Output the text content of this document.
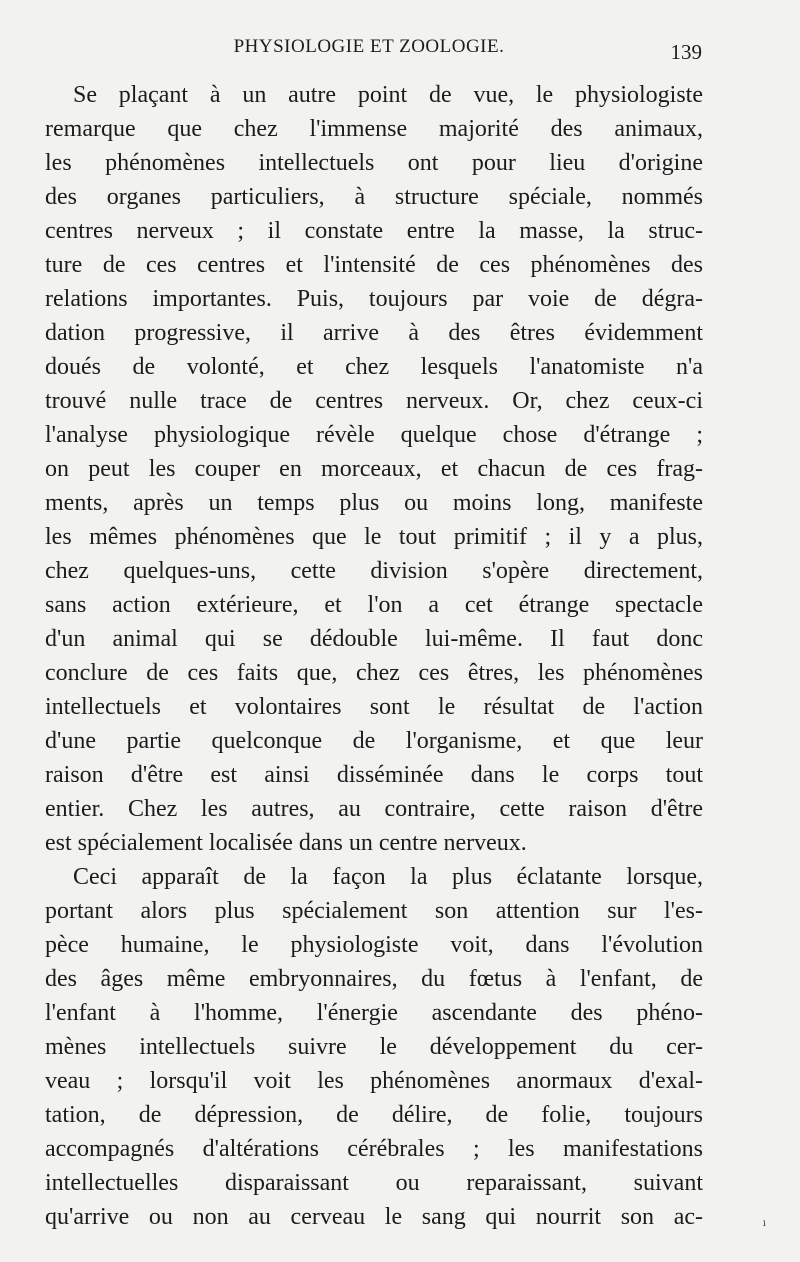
PHYSIOLOGIE ET ZOOLOGIE.	139
Se plaçant à un autre point de vue, le physiologiste
remarque que chez l'immense majorité des animaux,
les phénomènes intellectuels ont pour lieu d'origine
des organes particuliers, à structure spéciale, nommés
centres nerveux ; il constate entre la masse, la struc-
ture de ces centres et l'intensité de ces phénomènes des
relations importantes. Puis, toujours par voie de dégra-
dation progressive, il arrive à des êtres évidemment
doués de volonté, et chez lesquels l'anatomiste n'a
trouvé nulle trace de centres nerveux. Or, chez ceux-ci
l'analyse physiologique révèle quelque chose d'étrange ;
on peut les couper en morceaux, et chacun de ces frag-
ments, après un temps plus ou moins long, manifeste
les mêmes phénomènes que le tout primitif ; il y a plus,
chez quelques-uns, cette division s'opère directement,
sans action extérieure, et l'on a cet étrange spectacle
d'un animal qui se dédouble lui-même. Il faut donc
conclure de ces faits que, chez ces êtres, les phénomènes
intellectuels et volontaires sont le résultat de l'action
d'une partie quelconque de l'organisme, et que leur
raison d'être est ainsi disséminée dans le corps tout
entier. Chez les autres, au contraire, cette raison d'être
est spécialement localisée dans un centre nerveux.
Ceci apparaît de la façon la plus éclatante lorsque,
portant alors plus spécialement son attention sur l'es-
pèce humaine, le physiologiste voit, dans l'évolution
des âges même embryonnaires, du fœtus à l'enfant, de
l'enfant à l'homme, l'énergie ascendante des phéno-
mènes intellectuels suivre le développement du cer-
veau ; lorsqu'il voit les phénomènes anormaux d'exal-
tation, de dépression, de délire, de folie, toujours
accompagnés d'altérations cérébrales ; les manifestations
intellectuelles disparaissant ou reparaissant, suivant
qu'arrive ou non au cerveau le sang qui nourrit son ac-	ı
